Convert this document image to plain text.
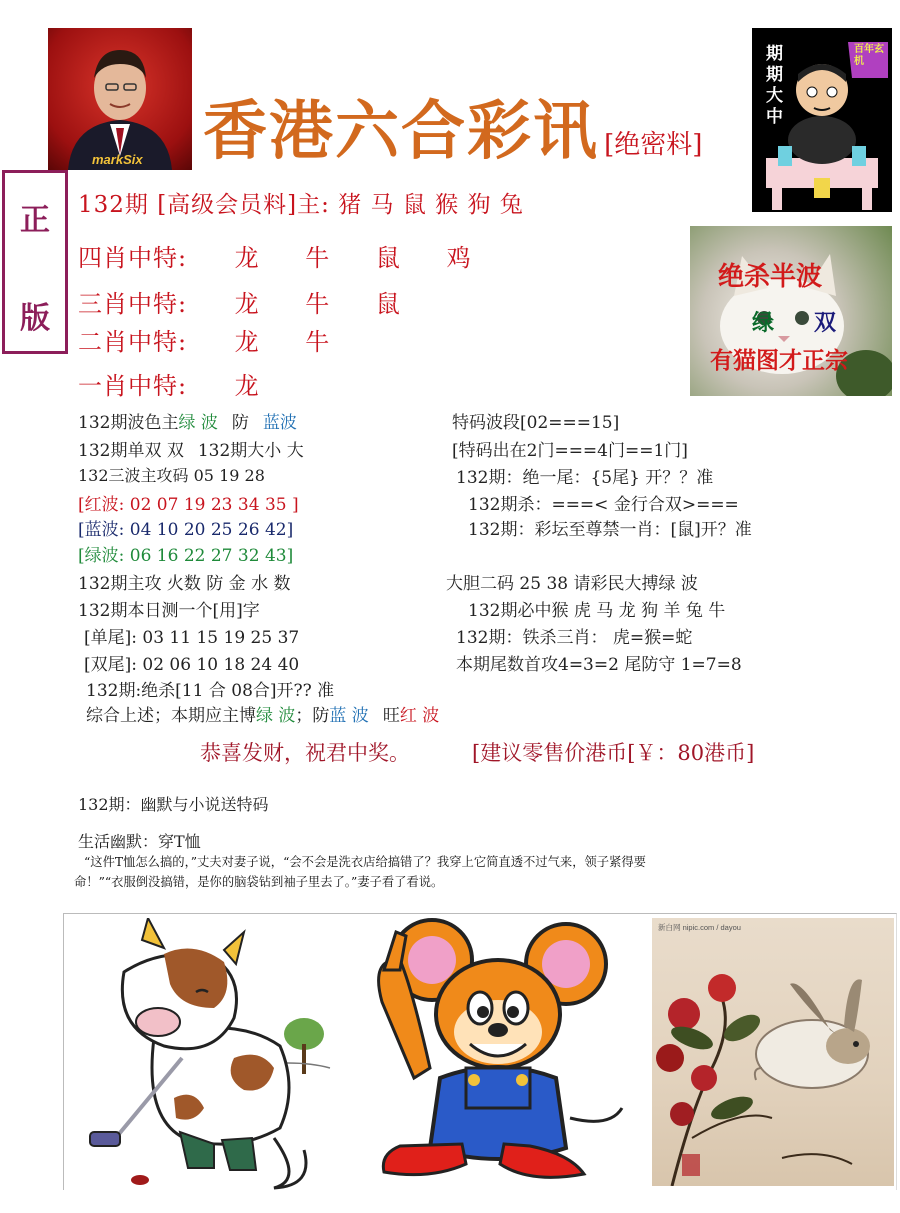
markSix 香港六合彩讯 [绝密料]
期期大中
百年玄机
正
版
132期 [高级会员料]主: 猪 马 鼠 猴 狗 兔
四肖中特: 龙 牛 鼠 鸡
三肖中特: 龙 牛 鼠
二肖中特: 龙 牛
一肖中特: 龙
绝杀半波
绿 双
有猫图才正宗
132期波色主绿 波 防 蓝波	特码波段[02===15]
132期单双 双 132期大小 大	[特码出在2门===4门==1门]
132三波主攻码 05 19 28	132期：绝一尾：{5尾} 开？？准
[红波: 02 07 19 23 34 35 ]	132期杀：===< 金行合双>===
[蓝波: 04 10 20 25 26 42]	132期：彩坛至尊禁一肖：[鼠]开？准
[绿波: 06 16 22 27 32 43]
132期主攻 火数 防 金 水 数	大胆二码 25 38 请彩民大搏绿 波
132期本日测一个[用]字	132期必中猴 虎 马 龙 狗 羊 兔 牛
[单尾]: 03 11 15 19 25 37	132期：铁杀三肖： 虎=猴=蛇
[双尾]: 02 06 10 18 24 40	本期尾数首攻4=3=2 尾防守 1=7=8
132期:绝杀[11 合 08合]开?? 准
综合上述；本期应主博绿 波；防蓝 波 旺红 波
恭喜发财，祝君中奖。	[建议零售价港币[￥：80港币]
132期：幽默与小说送特码
生活幽默：穿T恤
“这件T恤怎么搞的，”丈夫对妻子说，“会不会是洗衣店给搞错了？我穿上它简直透不过气来，领子紧得要
命！”“衣服倒没搞错，是你的脑袋钻到袖子里去了。”妻子看了看说。
新白网 nipic.com / dayou
